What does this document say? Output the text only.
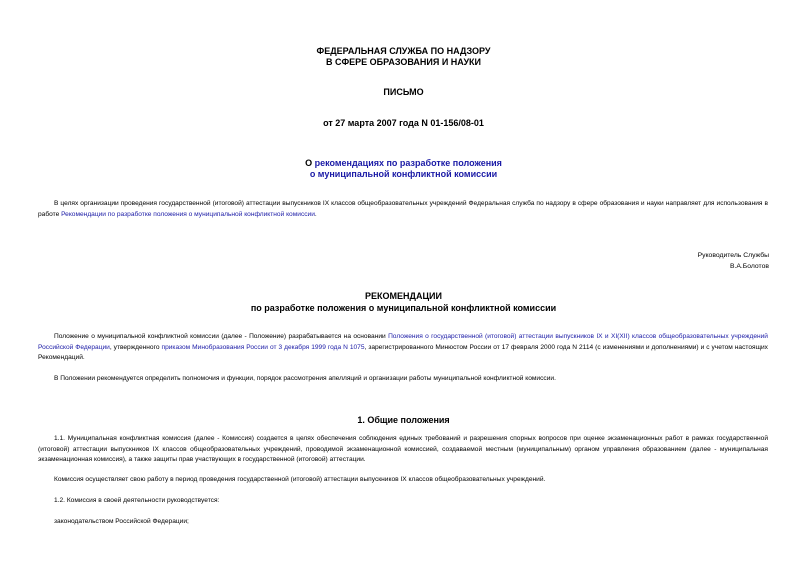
ФЕДЕРАЛЬНАЯ СЛУЖБА ПО НАДЗОРУ
В СФЕРЕ ОБРАЗОВАНИЯ И НАУКИ
ПИСЬМО
от 27 марта 2007 года N 01-156/08-01
О рекомендациях по разработке положения
о муниципальной конфликтной комиссии
В целях организации проведения государственной (итоговой) аттестации выпускников IX классов общеобразовательных учреждений Федеральная служба по надзору в сфере образования и науки направляет для использования в работе Рекомендации по разработке положения о муниципальной конфликтной комиссии.
Руководитель Службы
В.А.Болотов
РЕКОМЕНДАЦИИ
по разработке положения о муниципальной конфликтной комиссии
Положение о муниципальной конфликтной комиссии (далее - Положение) разрабатывается на основании Положения о государственной (итоговой) аттестации выпускников IX и XI(XII) классов общеобразовательных учреждений Российской Федерации, утвержденного приказом Минобразования России от 3 декабря 1999 года N 1075, зарегистрированного Минюстом России от 17 февраля 2000 года N 2114 (с изменениями и дополнениями) и с учетом настоящих Рекомендаций.
В Положении рекомендуется определить полномочия и функции, порядок рассмотрения апелляций и организации работы муниципальной конфликтной комиссии.
1. Общие положения
1.1. Муниципальная конфликтная комиссия (далее - Комиссия) создается в целях обеспечения соблюдения единых требований и разрешения спорных вопросов при оценке экзаменационных работ в рамках государственной (итоговой) аттестации выпускников IX классов общеобразовательных учреждений, проводимой экзаменационной комиссией, создаваемой местным (муниципальным) органом управления образованием (далее - муниципальная экзаменационная комиссия), а также защиты прав участвующих в государственной (итоговой) аттестации.
Комиссия осуществляет свою работу в период проведения государственной (итоговой) аттестации выпускников IX классов общеобразовательных учреждений.
1.2. Комиссия в своей деятельности руководствуется:
законодательством Российской Федерации;
